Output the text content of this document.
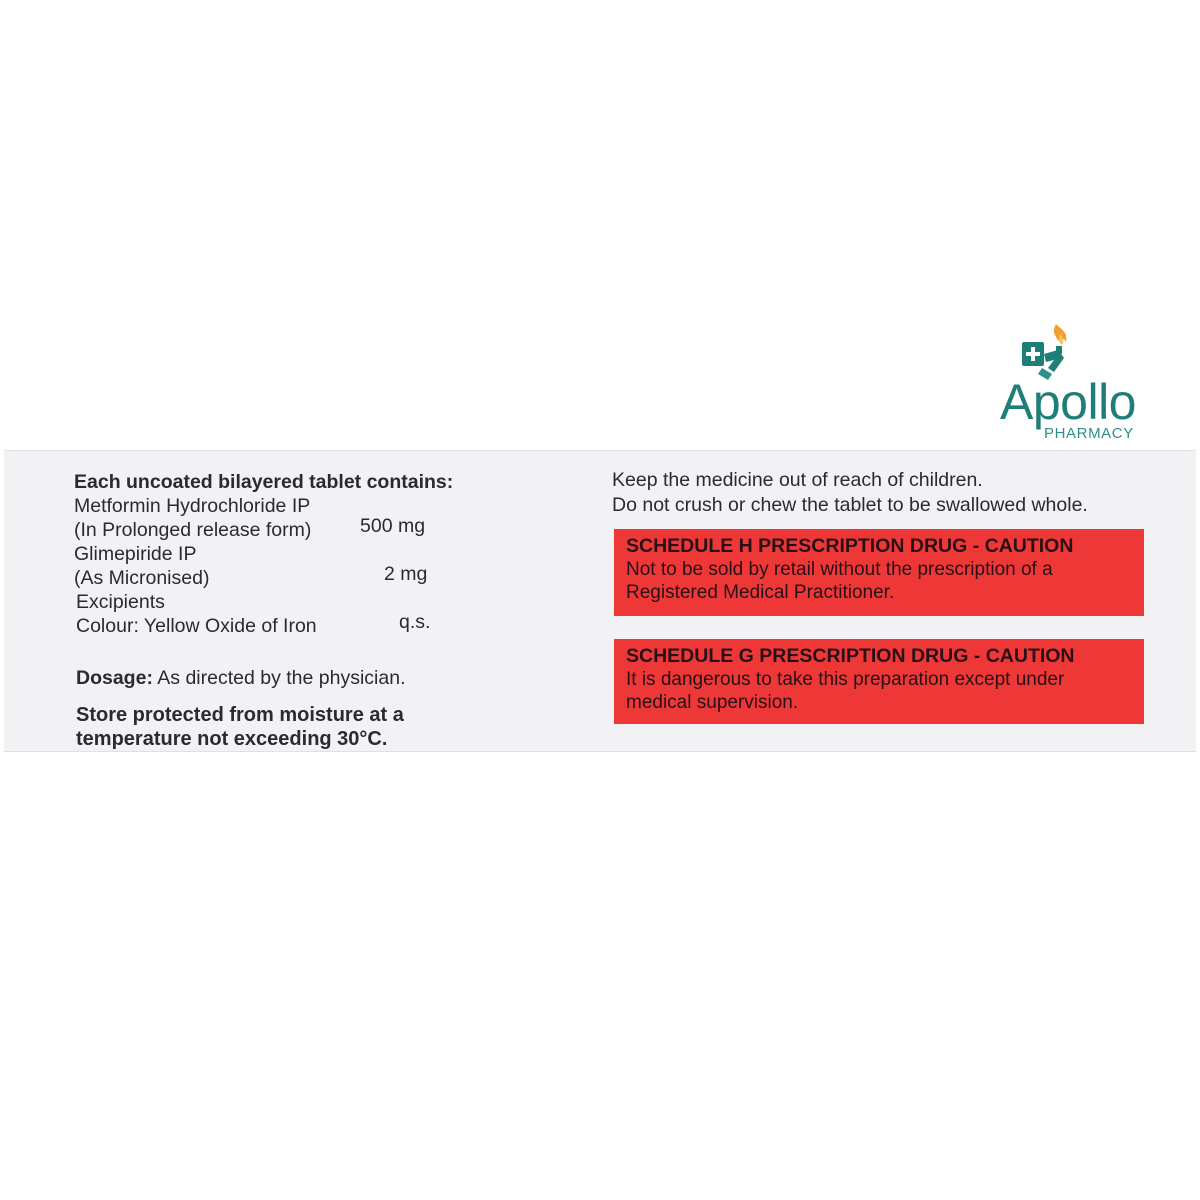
Apollo
PHARMACY
Each uncoated bilayered tablet contains:
Metformin Hydrochloride IP
500 mg
(In Prolonged release form)
Glimepiride IP
2 mg
(As Micronised)
Excipients
q.s.
Colour: Yellow Oxide of Iron
Dosage: As directed by the physician.
Store protected from moisture at a
temperature not exceeding 30°C.
Keep the medicine out of reach of children.
Do not crush or chew the tablet to be swallowed whole.
SCHEDULE H PRESCRIPTION DRUG - CAUTION
Not to be sold by retail without the prescription of a
Registered Medical Practitioner.
SCHEDULE G PRESCRIPTION DRUG - CAUTION
It is dangerous to take this preparation except under
medical supervision.
